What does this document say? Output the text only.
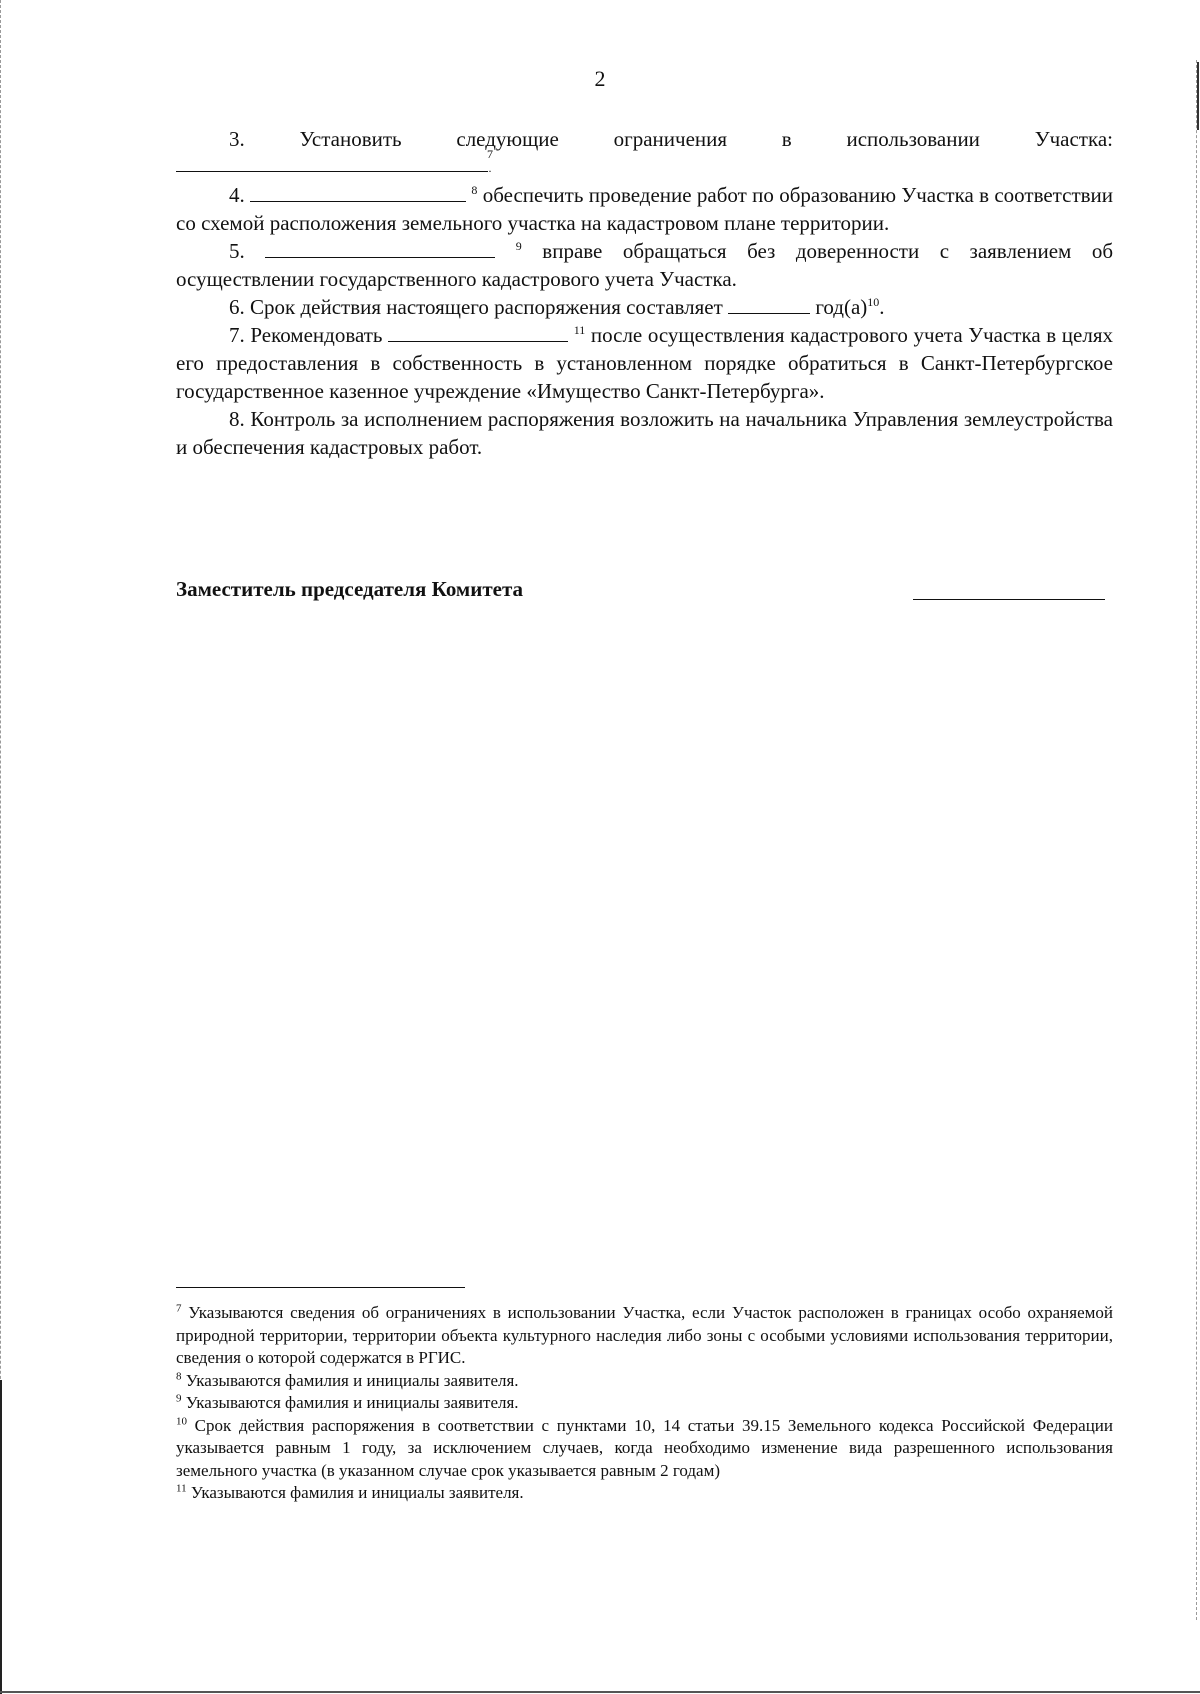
2

3. Установить следующие ограничения в использовании Участка:

7
.

4.	$^8$ обеспечить проведение работ по образованию Участка в соответствии со схемой расположения земельного участка на кадастровом плане территории.

5.	$^9$ вправе обращаться без доверенности с заявлением об осуществлении государственного кадастрового учета Участка.

6. Срок действия настоящего распоряжения составляет	$год(а)^{10}$.

7. Рекомендовать	$^{11}$ после осуществления кадастрового учета Участка в целях его предоставления в собственность в установленном порядке обратиться в Санкт-Петербургское государственное казенное учреждение «Имущество Санкт-Петербурга».

8. Контроль за исполнением распоряжения возложить на начальника Управления землеустройства и обеспечения кадастровых работ.

Заместитель председателя Комитета

$^7$ Указываются сведения об ограничениях в использовании Участка, если Участок расположен в границах особо охраняемой природной территории, территории объекта культурного наследия либо зоны с особыми условиями использования территории, сведения о которой содержатся в РГИС.

$^8$ Указываются фамилия и инициалы заявителя.

$^9$ Указываются фамилия и инициалы заявителя.

$^{10}$ Срок действия распоряжения в соответствии с пунктами 10, 14 статьи 39.15 Земельного кодекса Российской Федерации указывается равным 1 году, за исключением случаев, когда необходимо изменение вида разрешенного использования земельного участка (в указанном случае срок указывается равным 2 годам)

$^{11}$ Указываются фамилия и инициалы заявителя.
